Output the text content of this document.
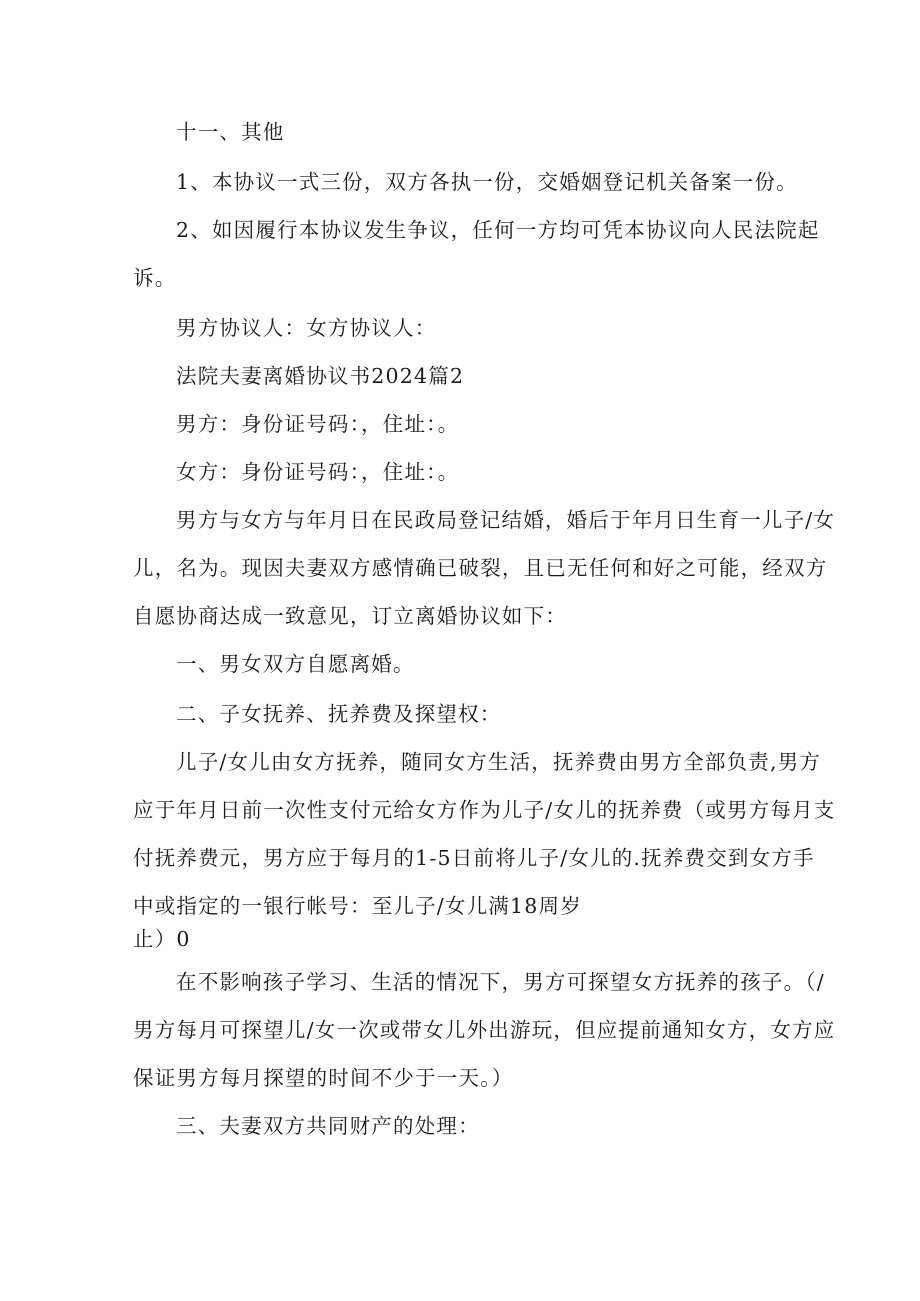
十一、其他
1、本协议一式三份，双方各执一份，交婚姻登记机关备案一份。
2、如因履行本协议发生争议，任何一方均可凭本协议向人民法院起
诉。
男方协议人：女方协议人：
法院夫妻离婚协议书2024篇2
男方：身份证号码：，住址：。
女方：身份证号码：，住址：。
男方与女方与年月日在民政局登记结婚，婚后于年月日生育一儿子/女
儿，名为。现因夫妻双方感情确已破裂，且已无任何和好之可能，经双方
自愿协商达成一致意见，订立离婚协议如下：
一、男女双方自愿离婚。
二、子女抚养、抚养费及探望权：
儿子/女儿由女方抚养，随同女方生活，抚养费由男方全部负责,男方
应于年月日前一次性支付元给女方作为儿子/女儿的抚养费（或男方每月支
付抚养费元，男方应于每月的1-5日前将儿子/女儿的.抚养费交到女方手
中或指定的一银行帐号：至儿子/女儿满18周岁
止）0
在不影响孩子学习、生活的情况下，男方可探望女方抚养的孩子。（/
男方每月可探望儿/女一次或带女儿外出游玩，但应提前通知女方，女方应
保证男方每月探望的时间不少于一天。）
三、夫妻双方共同财产的处理：
